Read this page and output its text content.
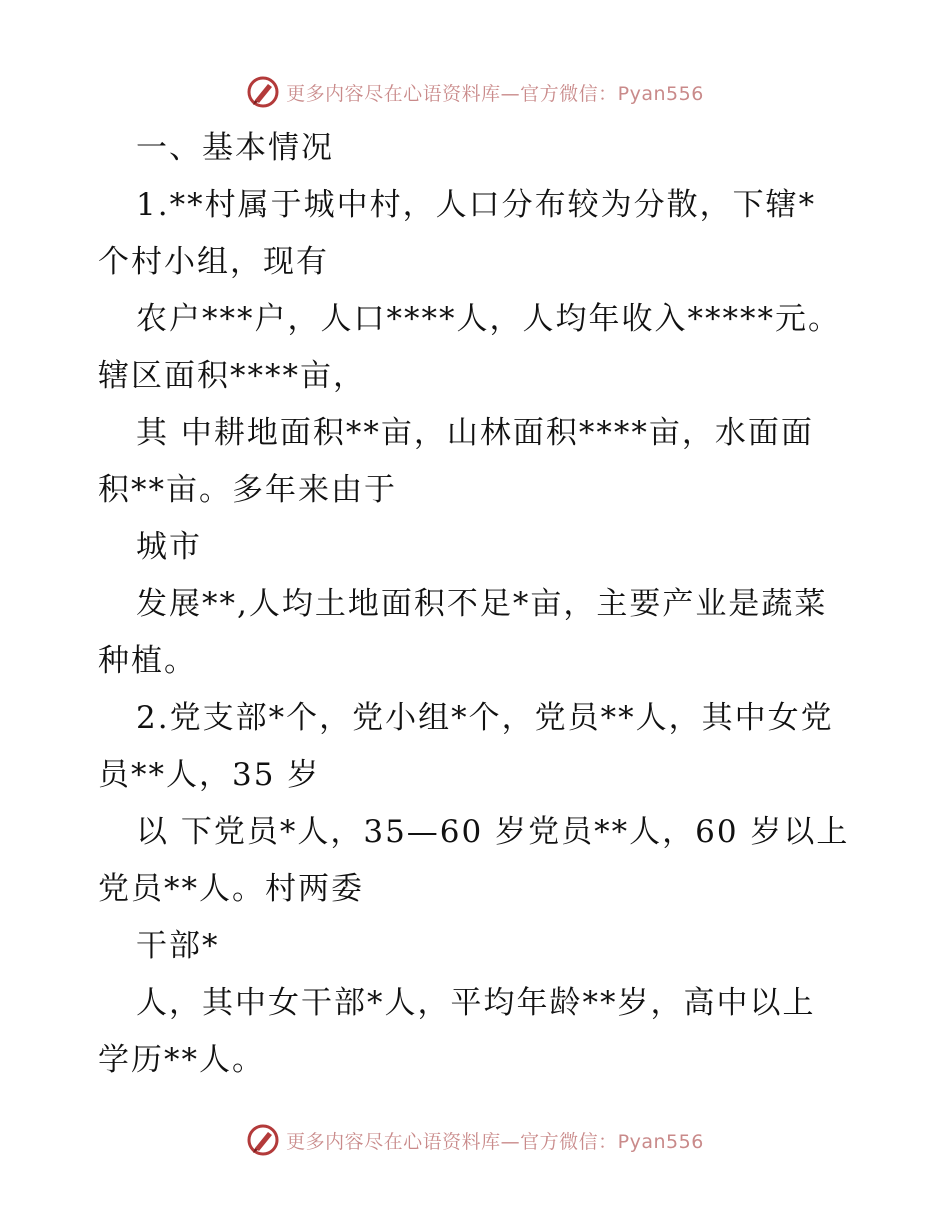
更多内容尽在心语资料库—官方微信：Pyan556
一、基本情况
1.**村属于城中村，人口分布较为分散，下辖*
个村小组，现有
农户***户，人口****人，人均年收入*****元。
辖区面积****亩，
其 中耕地面积**亩，山林面积****亩，水面面
积**亩。多年来由于
城市
发展**,人均土地面积不足*亩，主要产业是蔬菜
种植。
2.党支部*个，党小组*个，党员**人，其中女党
员**人，35 岁
以 下党员*人，35—60 岁党员**人，60 岁以上
党员**人。村两委
干部*
人，其中女干部*人，平均年龄**岁，高中以上
学历**人。
更多内容尽在心语资料库—官方微信：Pyan556
